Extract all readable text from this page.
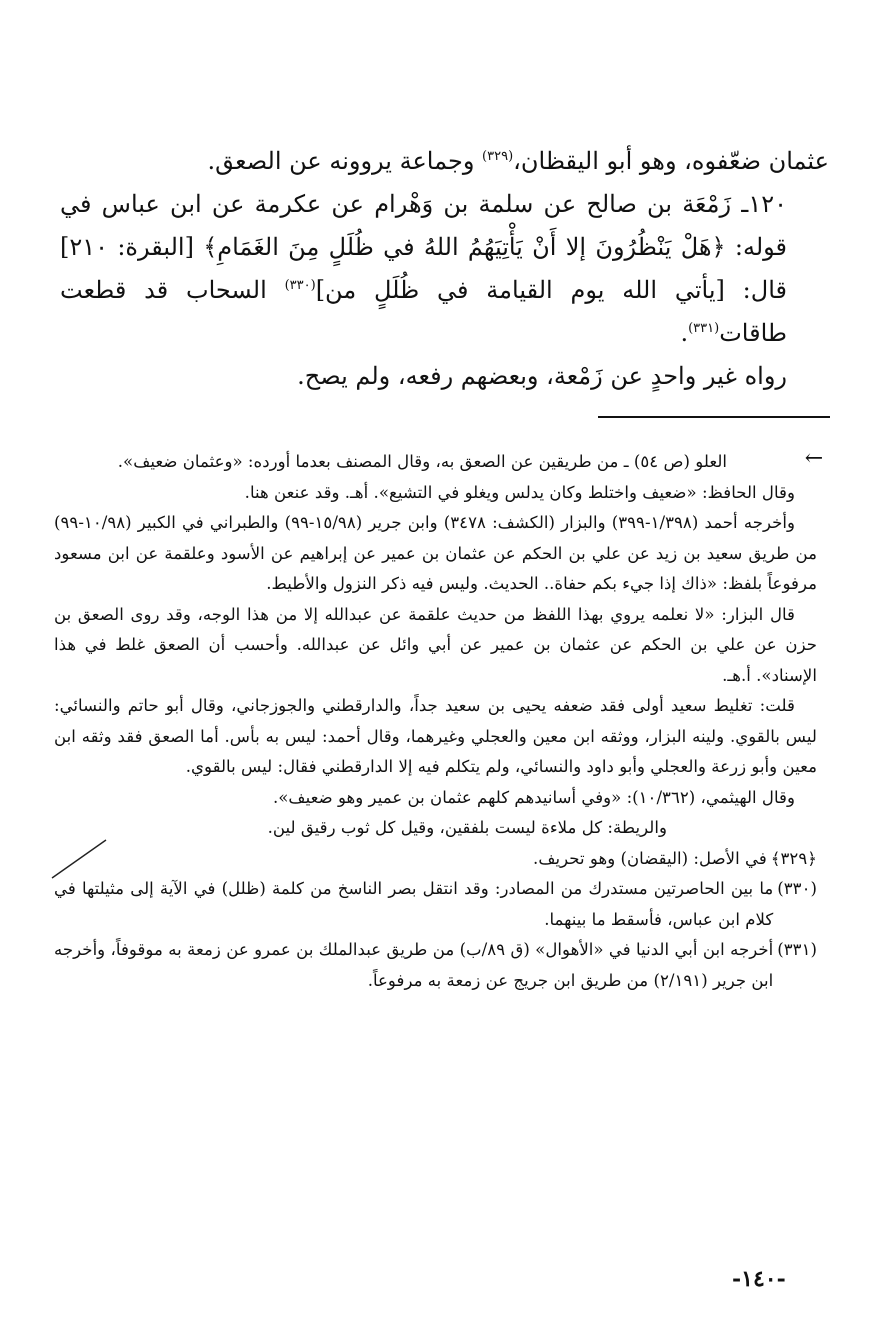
عثمان ضعّفوه، وهو أبو اليقظان،$^{(٣٢٩)}$ وجماعة يروونه عن الصعق.

١٢٠ـ زَمْعَة بن صالح عن سلمة بن وَهْرام عن عكرمة عن ابن عباس في قوله: ﴿هَلْ يَنْظُرُونَ إلا أَنْ يَأْتِيَهُمُ اللهُ في ظُلَلٍ مِنَ الغَمَامِ﴾ [البقرة: ٢١٠] قال: [يأتي الله يوم القيامة في ظُلَلٍ من]$^{(٣٣٠)}$ السحاب قد قطعت طاقات$^{(٣٣١)}$.

رواه غير واحدٍ عن زَمْعة، وبعضهم رفعه، ولم يصح.

←

العلو (ص ٥٤) ـ من طريقين عن الصعق به، وقال المصنف بعدما أورده: «وعثمان ضعيف».

وقال الحافظ: «ضعيف واختلط وكان يدلس ويغلو في التشيع». أهـ. وقد عنعن هنا.

وأخرجه أحمد (١/٣٩٨-٣٩٩) والبزار (الكشف: ٣٤٧٨) وابن جرير (١٥/٩٨-٩٩) والطبراني في الكبير (١٠/٩٨-٩٩) من طريق سعيد بن زيد عن علي بن الحكم عن عثمان بن عمير عن إبراهيم عن الأسود وعلقمة عن ابن مسعود مرفوعاً بلفظ: «ذاك إذا جيء بكم حفاة.. الحديث. وليس فيه ذكر النزول والأطيط.

قال البزار: «لا نعلمه يروي بهذا اللفظ من حديث علقمة عن عبدالله إلا من هذا الوجه، وقد روى الصعق بن حزن عن علي بن الحكم عن عثمان بن عمير عن أبي وائل عن عبدالله. وأحسب أن الصعق غلط في هذا الإسناد». أ.هـ.

قلت: تغليط سعيد أولى فقد ضعفه يحيى بن سعيد جداً، والدارقطني والجوزجاني، وقال أبو حاتم والنسائي: ليس بالقوي. ولينه البزار، ووثقه ابن معين والعجلي وغيرهما، وقال أحمد: ليس به بأس. أما الصعق فقد وثقه ابن معين وأبو زرعة والعجلي وأبو داود والنسائي، ولم يتكلم فيه إلا الدارقطني فقال: ليس بالقوي.

وقال الهيثمي، (١٠/٣٦٢): «وفي أسانيدهم كلهم عثمان بن عمير وهو ضعيف».

والريطة: كل ملاءة ليست بلفقين، وقيل كل ثوب رقيق لين.

﴿٣٢٩﴾
في الأصل: (اليقضان) وهو تحريف.
(٣٣٠)
ما بين الحاصرتين مستدرك من المصادر: وقد انتقل بصر الناسخ من كلمة (ظلل) في الآية إلى مثيلتها في كلام ابن عباس، فأسقط ما بينهما.
(٣٣١)
أخرجه ابن أبي الدنيا في «الأهوال» (ق ٨٩/ب) من طريق عبدالملك بن عمرو عن زمعة به موقوفاً، وأخرجه ابن جرير (٢/١٩١) من طريق ابن جريج عن زمعة به مرفوعاً.
-١٤٠-
